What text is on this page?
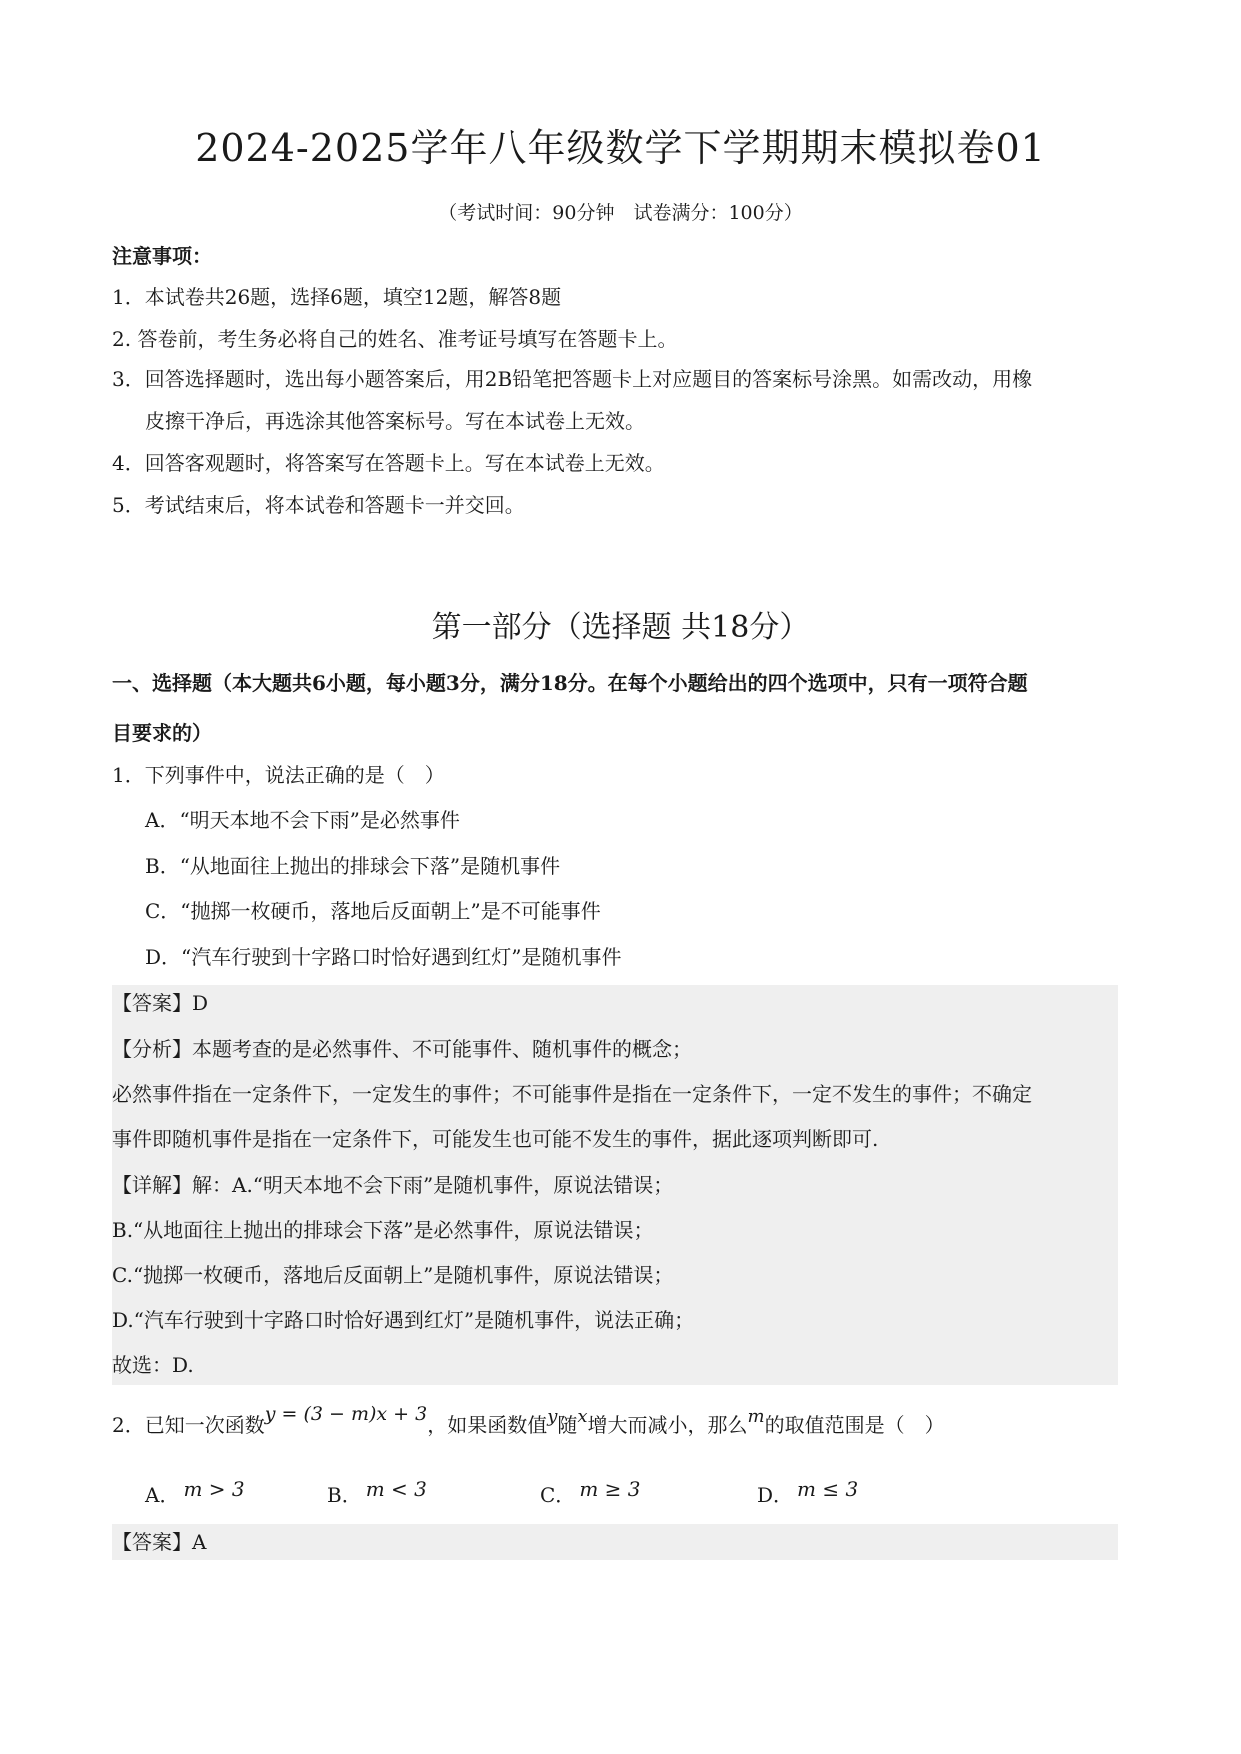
2024-2025学年八年级数学下学期期末模拟卷01
（考试时间：90分钟　试卷满分：100分）
注意事项：
1．本试卷共26题，选择6题，填空12题，解答8题
2. 答卷前，考生务必将自己的姓名、准考证号填写在答题卡上。
3．回答选择题时，选出每小题答案后，用2B铅笔把答题卡上对应题目的答案标号涂黑。如需改动，用橡
皮擦干净后，再选涂其他答案标号。写在本试卷上无效。
4．回答客观题时，将答案写在答题卡上。写在本试卷上无效。
5．考试结束后，将本试卷和答题卡一并交回。
第一部分（选择题 共18分）
一、选择题（本大题共6小题，每小题3分，满分18分。在每个小题给出的四个选项中，只有一项符合题
目要求的）
1．下列事件中，说法正确的是（　）
A．“明天本地不会下雨”是必然事件
B．“从地面往上抛出的排球会下落”是随机事件
C．“抛掷一枚硬币，落地后反面朝上”是不可能事件
D．“汽车行驶到十字路口时恰好遇到红灯”是随机事件
【答案】D
【分析】本题考查的是必然事件、不可能事件、随机事件的概念；
必然事件指在一定条件下，一定发生的事件；不可能事件是指在一定条件下，一定不发生的事件；不确定
事件即随机事件是指在一定条件下，可能发生也可能不发生的事件，据此逐项判断即可.
【详解】解：A.“明天本地不会下雨”是随机事件，原说法错误；
B.“从地面往上抛出的排球会下落”是必然事件，原说法错误；
C.“抛掷一枚硬币，落地后反面朝上”是随机事件，原说法错误；
D.“汽车行驶到十字路口时恰好遇到红灯”是随机事件，说法正确；
故选：D.
2．已知一次函数y = (3 − m)x + 3，如果函数值y随x增大而减小，那么m的取值范围是（　）
A． m > 3	B． m < 3	C． m ≥ 3	D． m ≤ 3
【答案】A
